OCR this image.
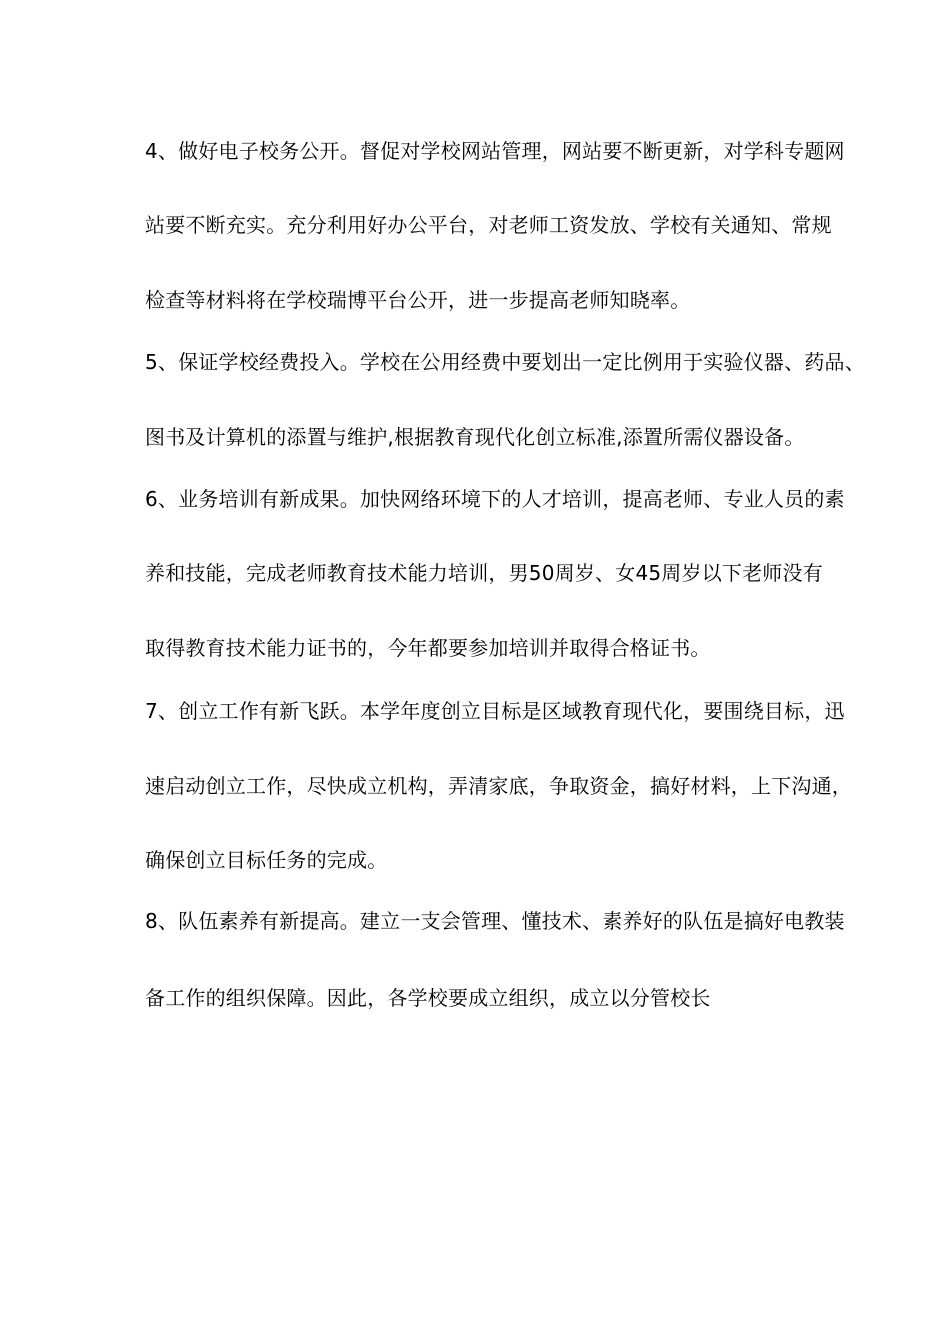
4、做好电子校务公开。督促对学校网站管理，网站要不断更新，对学科专题网
站要不断充实。充分利用好办公平台，对老师工资发放、学校有关通知、常规
检查等材料将在学校瑞博平台公开，进一步提高老师知晓率。
5、保证学校经费投入。学校在公用经费中要划出一定比例用于实验仪器、药品、
图书及计算机的添置与维护,根据教育现代化创立标准,添置所需仪器设备。
6、业务培训有新成果。加快网络环境下的人才培训，提高老师、专业人员的素
养和技能，完成老师教育技术能力培训，男50周岁、女45周岁以下老师没有
取得教育技术能力证书的，今年都要参加培训并取得合格证书。
7、创立工作有新飞跃。本学年度创立目标是区域教育现代化，要围绕目标，迅
速启动创立工作，尽快成立机构，弄清家底，争取资金，搞好材料，上下沟通，
确保创立目标任务的完成。
8、队伍素养有新提高。建立一支会管理、懂技术、素养好的队伍是搞好电教装
备工作的组织保障。因此，各学校要成立组织，成立以分管校长
